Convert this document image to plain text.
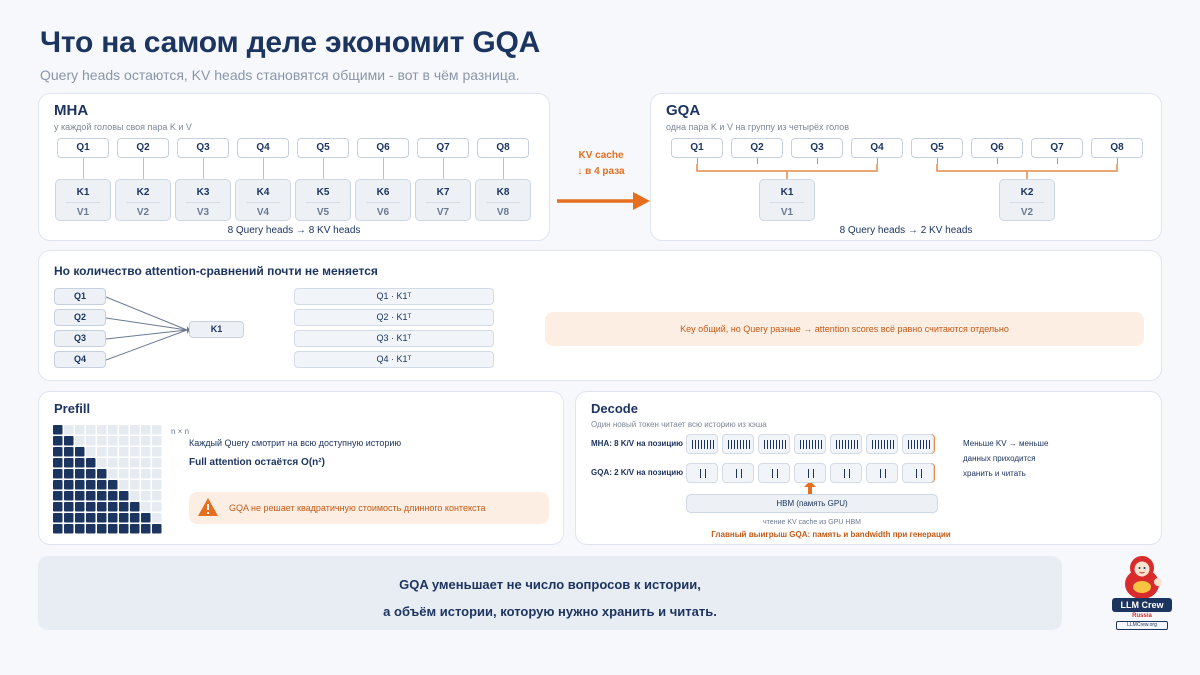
Что на самом деле экономит GQA
Query heads остаются, KV heads становятся общими - вот в чём разница.
MHA
у каждой головы своя пара K и V
8 Query heads → 8 KV heads
Q1
K1
V1
Q2
K2
V2
Q3
K3
V3
Q4
K4
V4
Q5
K5
V5
Q6
K6
V6
Q7
K7
V7
Q8
K8
V8
KV cache
↓ в 4 раза
GQA
одна пара K и V на группу из четырёх голов
8 Query heads → 2 KV heads
Q1	Q2	Q3	Q4	Q5	Q6	Q7	Q8
K1
V1
K2
V2
Но количество attention-сравнений почти не меняется
K1	Key общий, но Query разные → attention scores всё равно считаются отдельно
Q1
Q2
Q3
Q4
Q1 · K1ᵀ
Q2 · K1ᵀ
Q3 · K1ᵀ
Q4 · K1ᵀ
Prefill
n × n
Каждый Query смотрит на всю доступную историю
Full attention остаётся O(n²)
GQA не решает квадратичную стоимость длинного контекста
Decode
Один новый токен читает всю историю из кэша
MHA: 8 K/V на позицию
GQA: 2 K/V на позицию
HBM (память GPU)
чтение KV cache из GPU HBM
Главный выигрыш GQA: память и bandwidth при генерации
Меньше KV → меньше
данных приходится
хранить и читать
GQA уменьшает не число вопросов к истории,
а объём истории, которую нужно хранить и читать.	LLM Crew
Russia
LLMCrew.org
